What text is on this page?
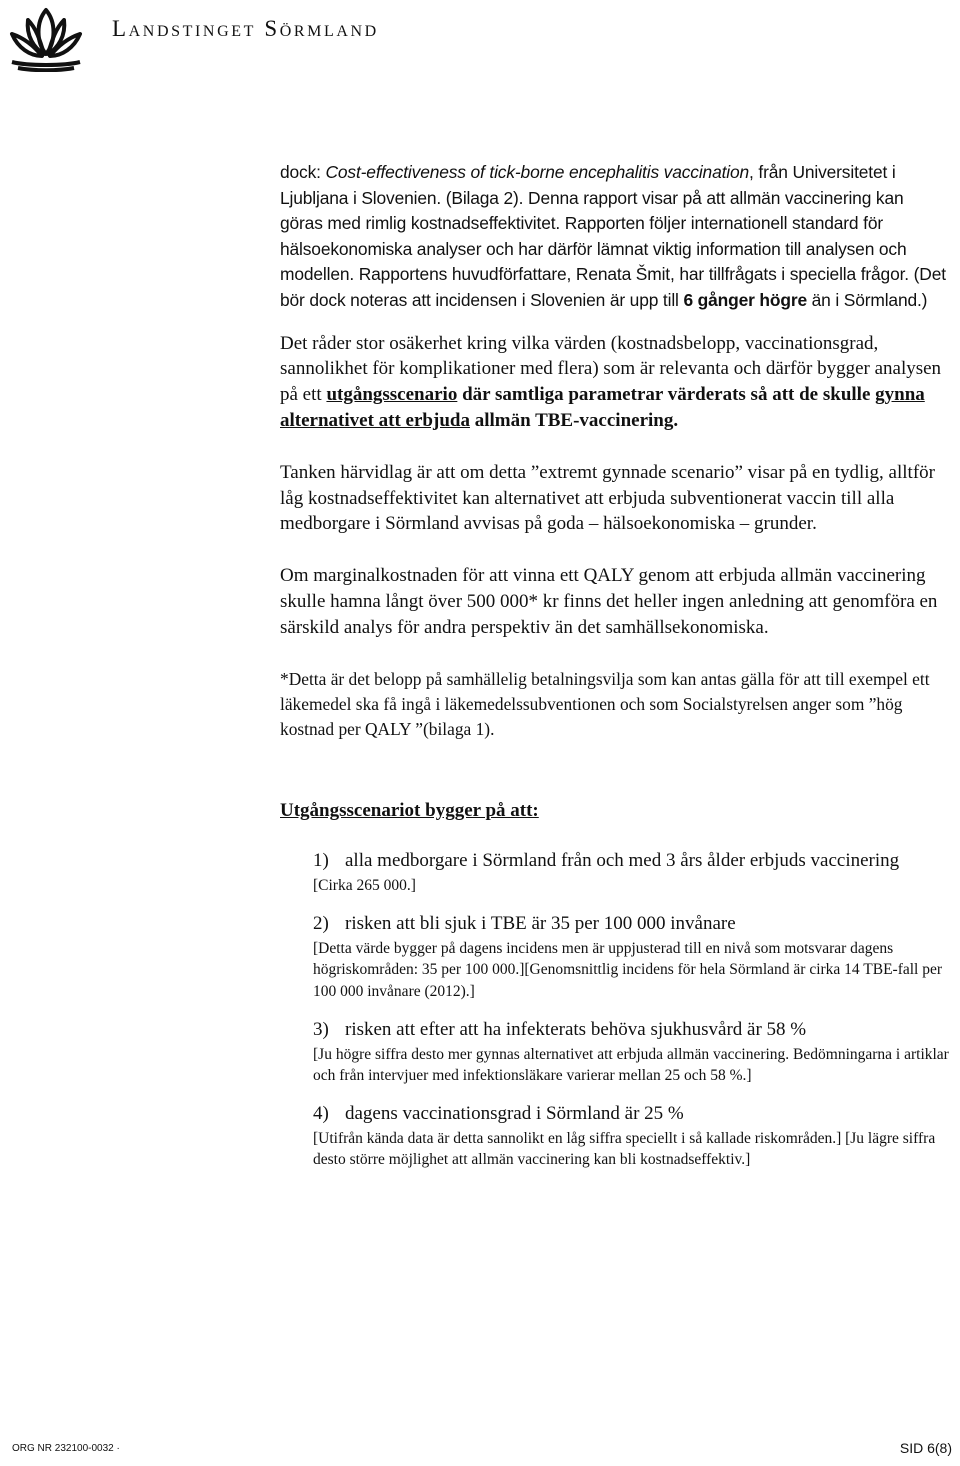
Landstinget Sörmland

dock: Cost-effectiveness of tick-borne encephalitis vaccination, från Universitetet i Ljubljana i Slovenien. (Bilaga 2). Denna rapport visar på att allmän vaccinering kan göras med rimlig kostnadseffektivitet. Rapporten följer internationell standard för hälsoekonomiska analyser och har därför lämnat viktig information till analysen och modellen. Rapportens huvudförfattare, Renata Šmit, har tillfrågats i speciella frågor. (Det bör dock noteras att incidensen i Slovenien är upp till 6 gånger högre än i Sörmland.)

Det råder stor osäkerhet kring vilka värden (kostnadsbelopp, vaccinationsgrad, sannolikhet för komplikationer med flera) som är relevanta och därför bygger analysen på ett utgångsscenario där samtliga parametrar värderats så att de skulle gynna alternativet att erbjuda allmän TBE-vaccinering.

Tanken härvidlag är att om detta ”extremt gynnade scenario” visar på en tydlig, alltför låg kostnadseffektivitet kan alternativet att erbjuda subventionerat vaccin till alla medborgare i Sörmland avvisas på goda – hälsoekonomiska – grunder.

Om marginalkostnaden för att vinna ett QALY genom att erbjuda allmän vaccinering skulle hamna långt över 500 000* kr finns det heller ingen anledning att genomföra en särskild analys för andra perspektiv än det samhällsekonomiska.

*Detta är det belopp på samhällelig betalningsvilja som kan antas gälla för att till exempel ett läkemedel ska få ingå i läkemedelssubventionen och som Socialstyrelsen anger som ”hög kostnad per QALY ”(bilaga 1).

Utgångsscenariot bygger på att:

1) alla medborgare i Sörmland från och med 3 års ålder erbjuds vaccinering
[Cirka 265 000.]
2) risken att bli sjuk i TBE är 35 per 100 000 invånare
[Detta värde bygger på dagens incidens men är uppjusterad till en nivå som motsvarar dagens högriskområden: 35 per 100 000.][Genomsnittlig incidens för hela Sörmland är cirka 14 TBE-fall per 100 000 invånare (2012).]
3) risken att efter att ha infekterats behöva sjukhusvård är 58 %
[Ju högre siffra desto mer gynnas alternativet att erbjuda allmän vaccinering. Bedömningarna i artiklar och från intervjuer med infektionsläkare varierar mellan 25 och 58 %.]
4) dagens vaccinationsgrad i Sörmland är 25 %
[Utifrån kända data är detta sannolikt en låg siffra speciellt i så kallade riskområden.] [Ju lägre siffra desto större möjlighet att allmän vaccinering kan bli kostnadseffektiv.]
ORG NR 232100-0032 ·	SID 6(8)
